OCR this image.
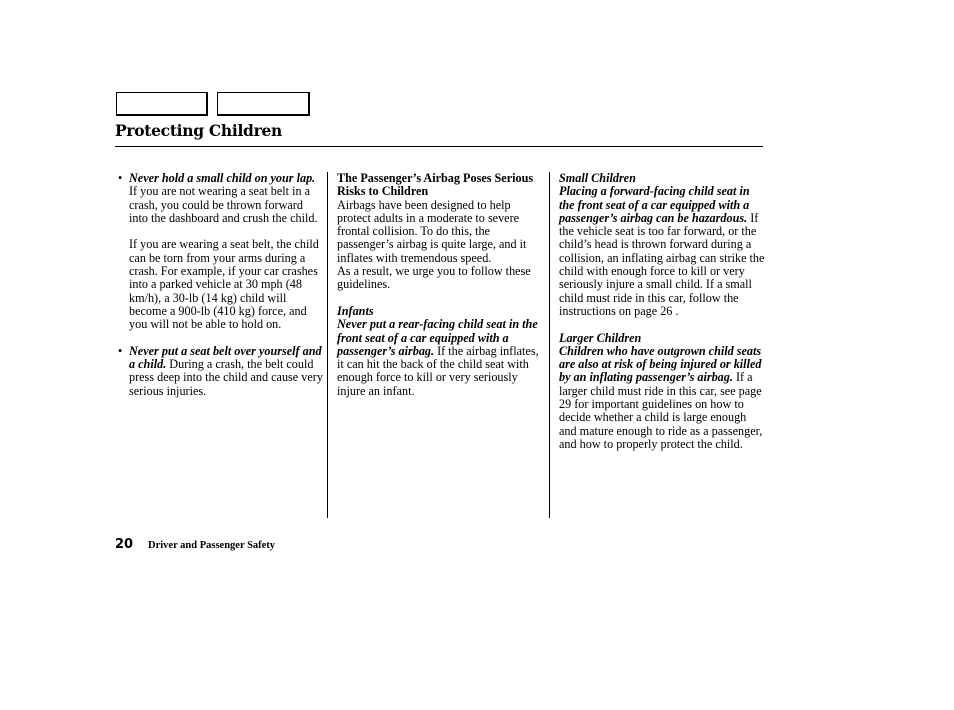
Protecting Children
• Never hold a small child on your lap. If you are not wearing a seat belt in a crash, you could be thrown forward into the dashboard and crush the child.

If you are wearing a seat belt, the child can be torn from your arms during a crash. For example, if your car crashes into a parked vehicle at 30 mph (48 km/h), a 30-lb (14 kg) child will become a 900-lb (410 kg) force, and you will not be able to hold on.

• Never put a seat belt over yourself and a child. During a crash, the belt could press deep into the child and cause very serious injuries.

The Passenger’s Airbag Poses Serious Risks to Children

Airbags have been designed to help protect adults in a moderate to severe frontal collision. To do this, the passenger’s airbag is quite large, and it inflates with tremendous speed.

As a result, we urge you to follow these guidelines.

Infants

Never put a rear-facing child seat in the front seat of a car equipped with a passenger’s airbag. If the airbag inflates, it can hit the back of the child seat with enough force to kill or very seriously injure an infant.

Small Children

Placing a forward-facing child seat in the front seat of a car equipped with a passenger’s airbag can be hazardous. If the vehicle seat is too far forward, or the child’s head is thrown forward during a collision, an inflating airbag can strike the child with enough force to kill or very seriously injure a small child. If a small child must ride in this car, follow the instructions on page 26 .

Larger Children

Children who have outgrown child seats are also at risk of being injured or killed by an inflating passenger’s airbag. If a larger child must ride in this car, see page 29 for important guidelines on how to decide whether a child is large enough and mature enough to ride as a passenger, and how to properly protect the child.

20 Driver and Passenger Safety
